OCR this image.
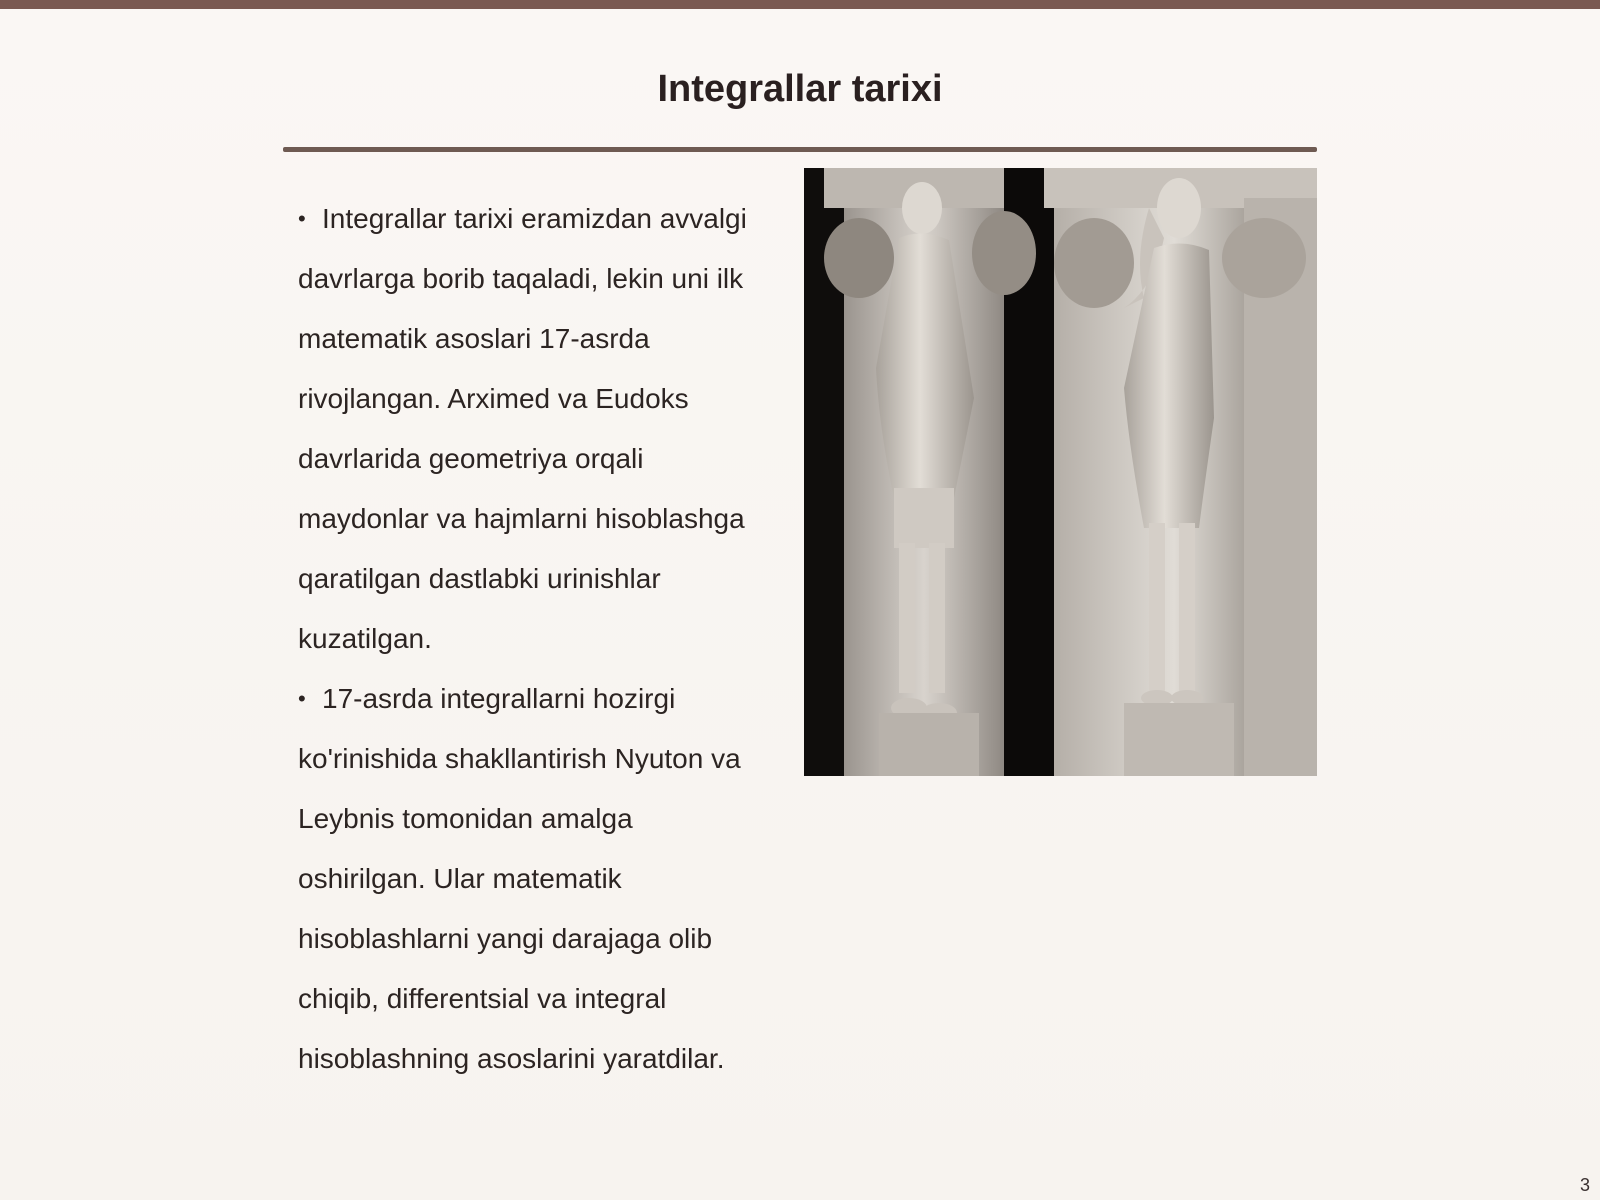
Integrallar tarixi
• Integrallar tarixi eramizdan avvalgi davrlarga borib taqaladi, lekin uni ilk matematik asoslari 17-asrda rivojlangan. Arximed va Eudoks davrlarida geometriya orqali maydonlar va hajmlarni hisoblashga qaratilgan dastlabki urinishlar kuzatilgan.
• 17-asrda integrallarni hozirgi ko'rinishida shakllantirish Nyuton va Leybnis tomonidan amalga oshirilgan. Ular matematik hisoblashlarni yangi darajaga olib chiqib, differentsial va integral hisoblashning asoslarini yaratdilar.
3
